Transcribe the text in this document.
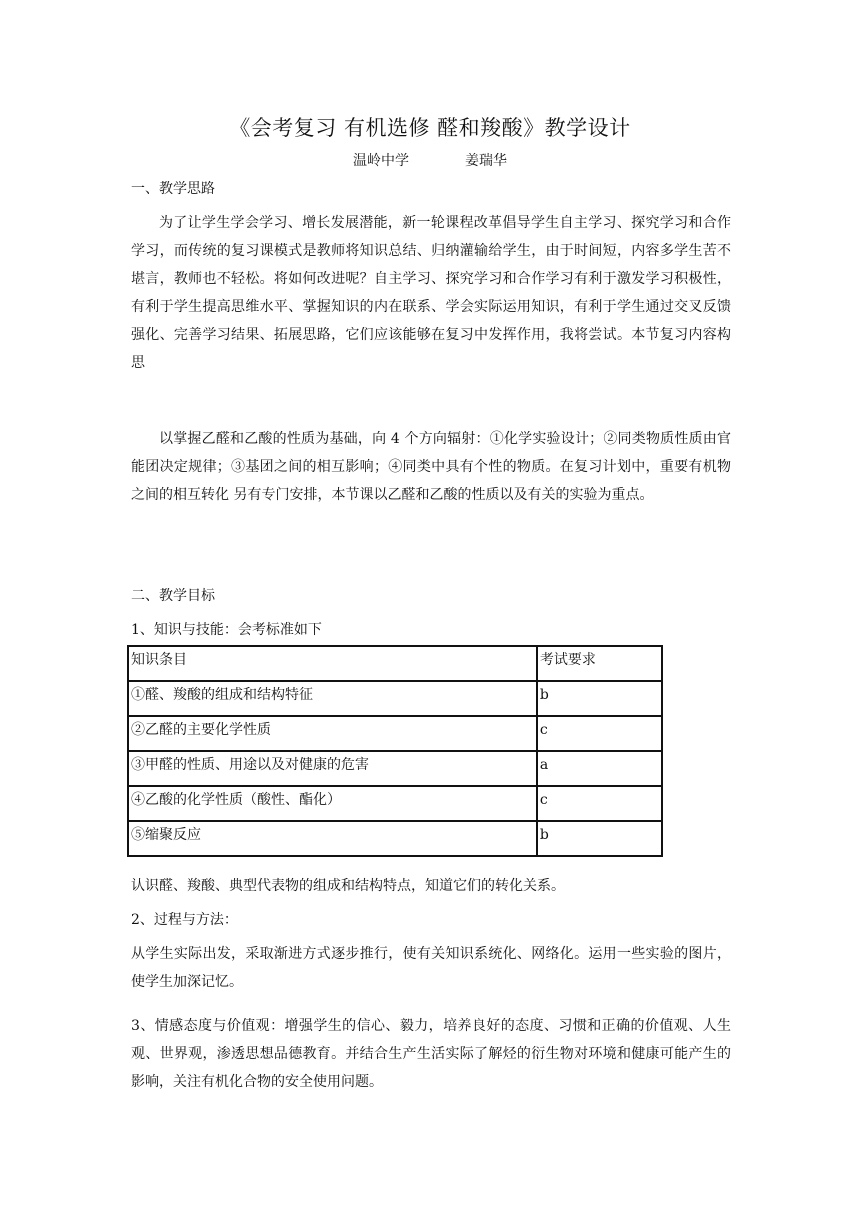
《会考复习 有机选修 醛和羧酸》教学设计
温岭中学	姜瑞华
一、教学思路
为了让学生学会学习、增长发展潜能，新一轮课程改革倡导学生自主学习、探究学习和合作学习，而传统的复习课模式是教师将知识总结、归纳灌输给学生，由于时间短，内容多学生苦不堪言，教师也不轻松。将如何改进呢？自主学习、探究学习和合作学习有利于激发学习积极性，有利于学生提高思维水平、掌握知识的内在联系、学会实际运用知识，有利于学生通过交叉反馈强化、完善学习结果、拓展思路，它们应该能够在复习中发挥作用，我将尝试。本节复习内容构思
以掌握乙醛和乙酸的性质为基础，向 4 个方向辐射：①化学实验设计；②同类物质性质由官能团决定规律；③基团之间的相互影响；④同类中具有个性的物质。在复习计划中，重要有机物之间的相互转化 另有专门安排，本节课以乙醛和乙酸的性质以及有关的实验为重点。
二、教学目标
1、知识与技能：会考标准如下
知识条目	考试要求
①醛、羧酸的组成和结构特征	b
②乙醛的主要化学性质	c
③甲醛的性质、用途以及对健康的危害	a
④乙酸的化学性质（酸性、酯化）	c
⑤缩聚反应	b
认识醛、羧酸、典型代表物的组成和结构特点，知道它们的转化关系。
2、过程与方法：
从学生实际出发，采取渐进方式逐步推行，使有关知识系统化、网络化。运用一些实验的图片，使学生加深记忆。
3、情感态度与价值观：增强学生的信心、毅力，培养良好的态度、习惯和正确的价值观、人生观、世界观，渗透思想品德教育。并结合生产生活实际了解烃的衍生物对环境和健康可能产生的影响，关注有机化合物的安全使用问题。
